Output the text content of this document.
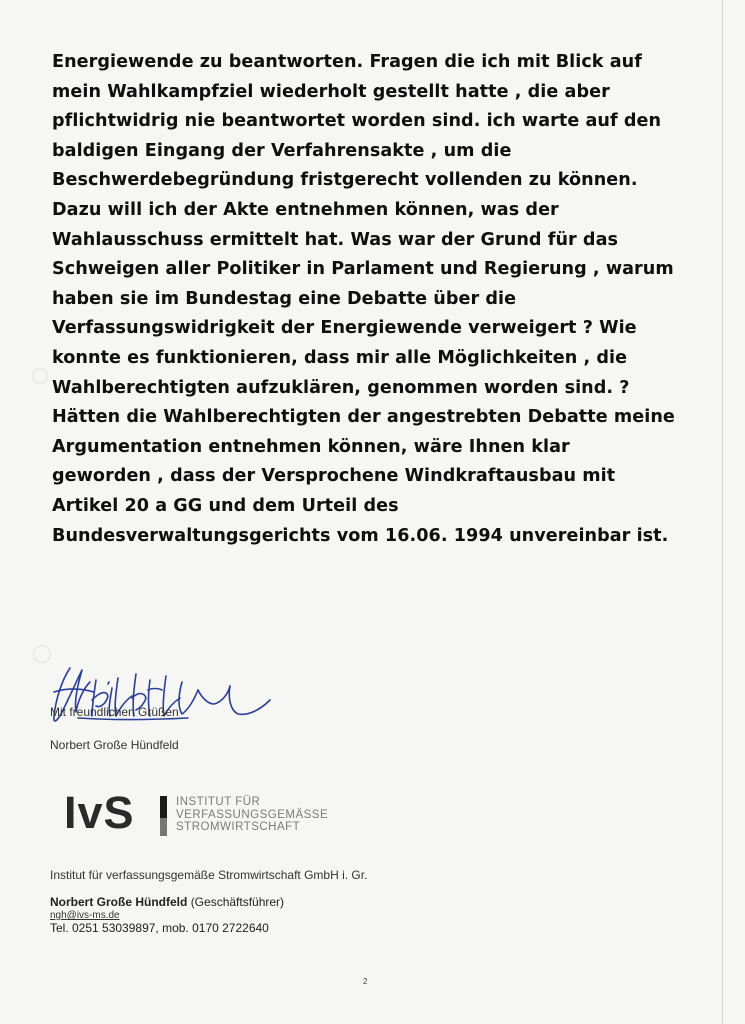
Energiewende zu beantworten. Fragen die ich mit Blick auf
mein Wahlkampfziel wiederholt gestellt hatte , die aber
pflichtwidrig nie beantwortet worden sind. ich warte auf den
baldigen Eingang der Verfahrensakte , um die
Beschwerdebegründung fristgerecht vollenden zu können.
Dazu will ich der Akte entnehmen können, was der
Wahlausschuss ermittelt hat. Was war der Grund für das
Schweigen aller Politiker in Parlament und Regierung , warum
haben sie im Bundestag eine Debatte über die
Verfassungswidrigkeit der Energiewende verweigert ? Wie
konnte es funktionieren, dass mir alle Möglichkeiten , die
Wahlberechtigten aufzuklären, genommen worden sind. ?
Hätten die Wahlberechtigten der angestrebten Debatte meine
Argumentation entnehmen können, wäre Ihnen klar
geworden , dass der Versprochene Windkraftausbau mit
Artikel 20 a GG und dem Urteil des
Bundesverwaltungsgerichts vom 16.06. 1994 unvereinbar ist.
Mit freundlichen Grüßen
Norbert Große Hündfeld
IvS	INSTITUT FÜR
VERFASSUNGSGEMÄSSE
STROMWIRTSCHAFT
Institut für verfassungsgemäße Stromwirtschaft GmbH i. Gr.
Norbert Große Hündfeld (Geschäftsführer)
ngh@ivs-ms.de
Tel. 0251 53039897, mob. 0170 2722640
2
